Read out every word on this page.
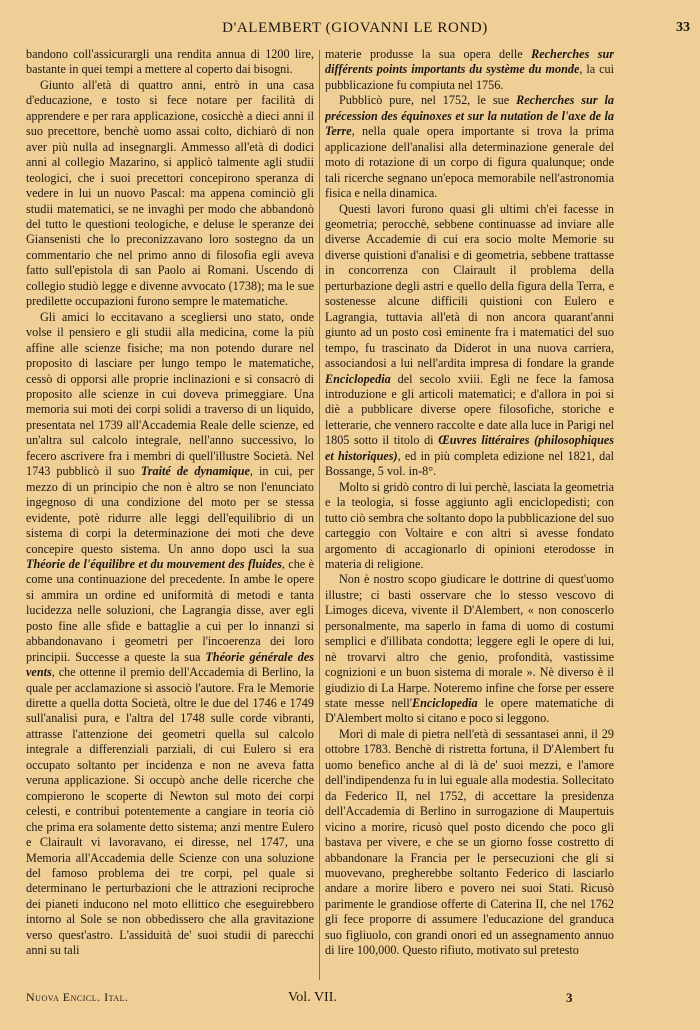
D'ALEMBERT (GIOVANNI LE ROND)	33

bandono coll'assicurargli una rendita annua di 1200 lire, bastante in quei tempi a mettere al coperto dai bisogni.

Giunto all'età di quattro anni, entrò in una casa d'educazione, e tosto si fece notare per facilità di apprendere e per rara applicazione, cosicchè a dieci anni il suo precettore, benchè uomo assai colto, dichiarò di non aver più nulla ad insegnargli. Ammesso all'età di dodici anni al collegio Mazarino, si applicò talmente agli studii teologici, che i suoi precettori concepirono speranza di vedere in lui un nuovo Pascal: ma appena cominciò gli studii matematici, se ne invaghì per modo che abbandonò del tutto le questioni teologiche, e deluse le speranze dei Giansenisti che lo preconizzavano loro sostegno da un commentario che nel primo anno di filosofia egli aveva fatto sull'epistola di san Paolo ai Romani. Uscendo di collegio studiò legge e divenne avvocato (1738); ma le sue predilette occupazioni furono sempre le matematiche.

Gli amici lo eccitavano a scegliersi uno stato, onde volse il pensiero e gli studii alla medicina, come la più affine alle scienze fisiche; ma non potendo durare nel proposito di lasciare per lungo tempo le matematiche, cessò di opporsi alle proprie inclinazioni e si consacrò di proposito alle scienze in cui doveva primeggiare. Una memoria sui moti dei corpi solidi a traverso di un liquido, presentata nel 1739 all'Accademia Reale delle scienze, ed un'altra sul calcolo integrale, nell'anno successivo, lo fecero ascrivere fra i membri di quell'illustre Società. Nel 1743 pubblicò il suo Traité de dynamique, in cui, per mezzo di un principio che non è altro se non l'enunciato ingegnoso di una condizione del moto per se stessa evidente, potè ridurre alle leggi dell'equilibrio di un sistema di corpi la determinazione dei moti che deve concepire questo sistema. Un anno dopo uscì la sua Théorie de l'équilibre et du mouvement des fluides, che è come una continuazione del precedente. In ambe le opere si ammira un ordine ed uniformità di metodi e tanta lucidezza nelle soluzioni, che Lagrangia disse, aver egli posto fine alle sfide e battaglie a cui per lo innanzi si abbandonavano i geometri per l'incoerenza dei loro principii. Successe a queste la sua Théorie générale des vents, che ottenne il premio dell'Accademia di Berlino, la quale per acclamazione si associò l'autore. Fra le Memorie dirette a quella dotta Società, oltre le due del 1746 e 1749 sull'analisi pura, e l'altra del 1748 sulle corde vibranti, attrasse l'attenzione dei geometri quella sul calcolo integrale a differenziali parziali, di cui Eulero si era occupato soltanto per incidenza e non ne aveva fatta veruna applicazione. Si occupò anche delle ricerche che compierono le scoperte di Newton sul moto dei corpi celesti, e contribuì potentemente a cangiare in teoria ciò che prima era solamente detto sistema; anzi mentre Eulero e Clairault vi lavoravano, ei diresse, nel 1747, una Memoria all'Accademia delle Scienze con una soluzione del famoso problema dei tre corpi, pel quale si determinano le perturbazioni che le attrazioni reciproche dei pianeti inducono nel moto ellittico che eseguirebbero intorno al Sole se non obbedissero che alla gravitazione verso quest'astro. L'assiduità de' suoi studii di parecchi anni su tali

materie produsse la sua opera delle Recherches sur différents points importants du système du monde, la cui pubblicazione fu compiuta nel 1756.

Pubblicò pure, nel 1752, le sue Recherches sur la précession des équinoxes et sur la nutation de l'axe de la Terre, nella quale opera importante si trova la prima applicazione dell'analisi alla determinazione generale del moto di rotazione di un corpo di figura qualunque; onde tali ricerche segnano un'epoca memorabile nell'astronomia fisica e nella dinamica.

Questi lavori furono quasi gli ultimi ch'ei facesse in geometria; perocchè, sebbene continuasse ad inviare alle diverse Accademie di cui era socio molte Memorie su diverse quistioni d'analisi e di geometria, sebbene trattasse in concorrenza con Clairault il problema della perturbazione degli astri e quello della figura della Terra, e sostenesse alcune difficili quistioni con Eulero e Lagrangia, tuttavia all'età di non ancora quarant'anni giunto ad un posto così eminente fra i matematici del suo tempo, fu trascinato da Diderot in una nuova carriera, associandosi a lui nell'ardita impresa di fondare la grande Enciclopedia del secolo xviii. Egli ne fece la famosa introduzione e gli articoli matematici; e d'allora in poi si diè a pubblicare diverse opere filosofiche, storiche e letterarie, che vennero raccolte e date alla luce in Parigi nel 1805 sotto il titolo di Œuvres littéraires (philosophiques et historiques), ed in più completa edizione nel 1821, dal Bossange, 5 vol. in-8°.

Molto si gridò contro di lui perchè, lasciata la geometria e la teologia, si fosse aggiunto agli enciclopedisti; con tutto ciò sembra che soltanto dopo la pubblicazione del suo carteggio con Voltaire e con altri si avesse fondato argomento di accagionarlo di opinioni eterodosse in materia di religione.

Non è nostro scopo giudicare le dottrine di quest'uomo illustre; ci basti osservare che lo stesso vescovo di Limoges diceva, vivente il D'Alembert, « non conoscerlo personalmente, ma saperlo in fama di uomo di costumi semplici e d'illibata condotta; leggere egli le opere di lui, nè trovarvi altro che genio, profondità, vastissime cognizioni e un buon sistema di morale ». Nè diverso è il giudizio di La Harpe. Noteremo infine che forse per essere state messe nell'Enciclopedia le opere matematiche di D'Alembert molto si citano e poco si leggono.

Morì di male di pietra nell'età di sessantasei anni, il 29 ottobre 1783. Benchè di ristretta fortuna, il D'Alembert fu uomo benefico anche al di là de' suoi mezzi, e l'amore dell'indipendenza fu in lui eguale alla modestia. Sollecitato da Federico II, nel 1752, di accettare la presidenza dell'Accademia di Berlino in surrogazione di Maupertuis vicino a morire, ricusò quel posto dicendo che poco gli bastava per vivere, e che se un giorno fosse costretto di abbandonare la Francia per le persecuzioni che gli si muovevano, pregherebbe soltanto Federico di lasciarlo andare a morire libero e povero nei suoi Stati. Ricusò parimente le grandiose offerte di Caterina II, che nel 1762 gli fece proporre di assumere l'educazione del granduca suo figliuolo, con grandi onori ed un assegnamento annuo di lire 100,000. Questo rifiuto, motivato sul pretesto

Nuova Encicl. Ital.	Vol. VII.	3
